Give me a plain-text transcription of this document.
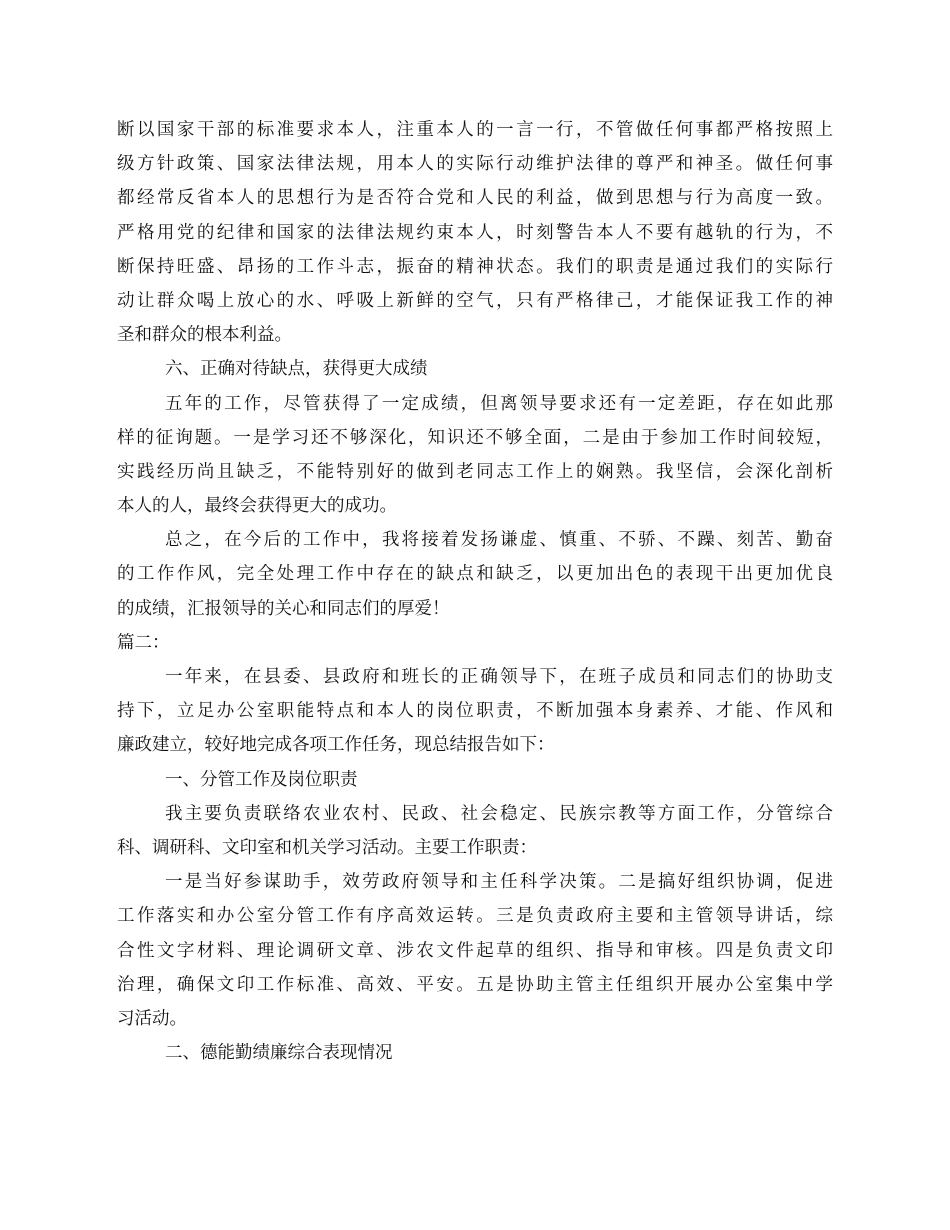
断以国家干部的标准要求本人，注重本人的一言一行，不管做任何事都严格按照上
级方针政策、国家法律法规，用本人的实际行动维护法律的尊严和神圣。做任何事
都经常反省本人的思想行为是否符合党和人民的利益，做到思想与行为高度一致。
严格用党的纪律和国家的法律法规约束本人，时刻警告本人不要有越轨的行为，不
断保持旺盛、昂扬的工作斗志，振奋的精神状态。我们的职责是通过我们的实际行
动让群众喝上放心的水、呼吸上新鲜的空气，只有严格律己，才能保证我工作的神
圣和群众的根本利益。
六、正确对待缺点，获得更大成绩
五年的工作，尽管获得了一定成绩，但离领导要求还有一定差距，存在如此那
样的征询题。一是学习还不够深化，知识还不够全面，二是由于参加工作时间较短，
实践经历尚且缺乏，不能特别好的做到老同志工作上的娴熟。我坚信，会深化剖析
本人的人，最终会获得更大的成功。
总之，在今后的工作中，我将接着发扬谦虚、慎重、不骄、不躁、刻苦、勤奋
的工作作风，完全处理工作中存在的缺点和缺乏，以更加出色的表现干出更加优良
的成绩，汇报领导的关心和同志们的厚爱！
篇二：
一年来，在县委、县政府和班长的正确领导下，在班子成员和同志们的协助支
持下，立足办公室职能特点和本人的岗位职责，不断加强本身素养、才能、作风和
廉政建立，较好地完成各项工作任务，现总结报告如下：
一、分管工作及岗位职责
我主要负责联络农业农村、民政、社会稳定、民族宗教等方面工作，分管综合
科、调研科、文印室和机关学习活动。主要工作职责：
一是当好参谋助手，效劳政府领导和主任科学决策。二是搞好组织协调，促进
工作落实和办公室分管工作有序高效运转。三是负责政府主要和主管领导讲话，综
合性文字材料、理论调研文章、涉农文件起草的组织、指导和审核。四是负责文印
治理，确保文印工作标准、高效、平安。五是协助主管主任组织开展办公室集中学
习活动。
二、德能勤绩廉综合表现情况
